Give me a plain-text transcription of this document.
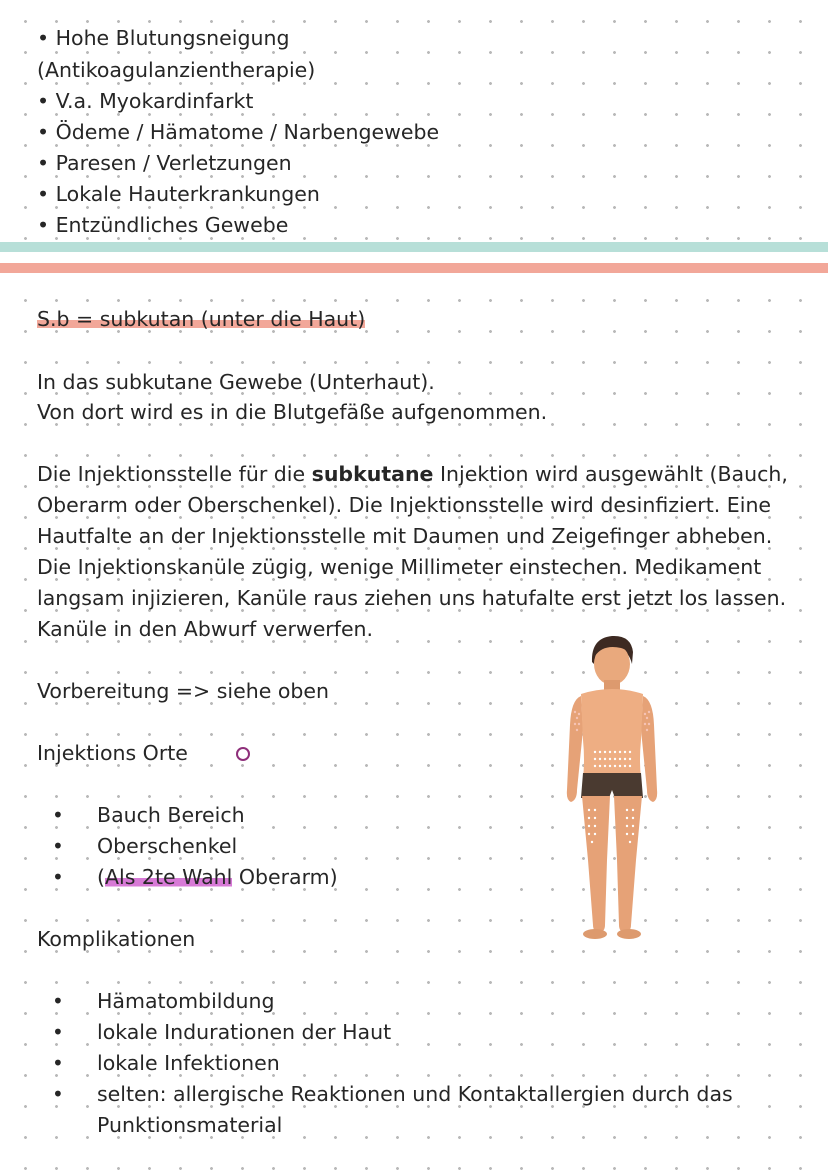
• Hohe Blutungsneigung
(Antikoagulanzientherapie)
• V.a. Myokardinfarkt
• Ödeme / Hämatome / Narbengewebe
• Paresen / Verletzungen
• Lokale Hauterkrankungen
• Entzündliches Gewebe
S.b = subkutan (unter die Haut)
In das subkutane Gewebe (Unterhaut).
Von dort wird es in die Blutgefäße aufgenommen.
Die Injektionsstelle für die subkutane Injektion wird ausgewählt (Bauch,
Oberarm oder Oberschenkel). Die Injektionsstelle wird desinfiziert. Eine
Hautfalte an der Injektionsstelle mit Daumen und Zeigefinger abheben.
Die Injektionskanüle zügig, wenige Millimeter einstechen. Medikament
langsam injizieren, Kanüle raus ziehen uns hatufalte erst jetzt los lassen.
Kanüle in den Abwurf verwerfen.
Vorbereitung => siehe oben
Injektions Orte
• Bauch Bereich
• Oberschenkel
• (Als 2te Wahl Oberarm)
Komplikationen
• Hämatombildung
• lokale Indurationen der Haut
• lokale Infektionen
• selten: allergische Reaktionen und Kontaktallergien durch das
Punktionsmaterial
